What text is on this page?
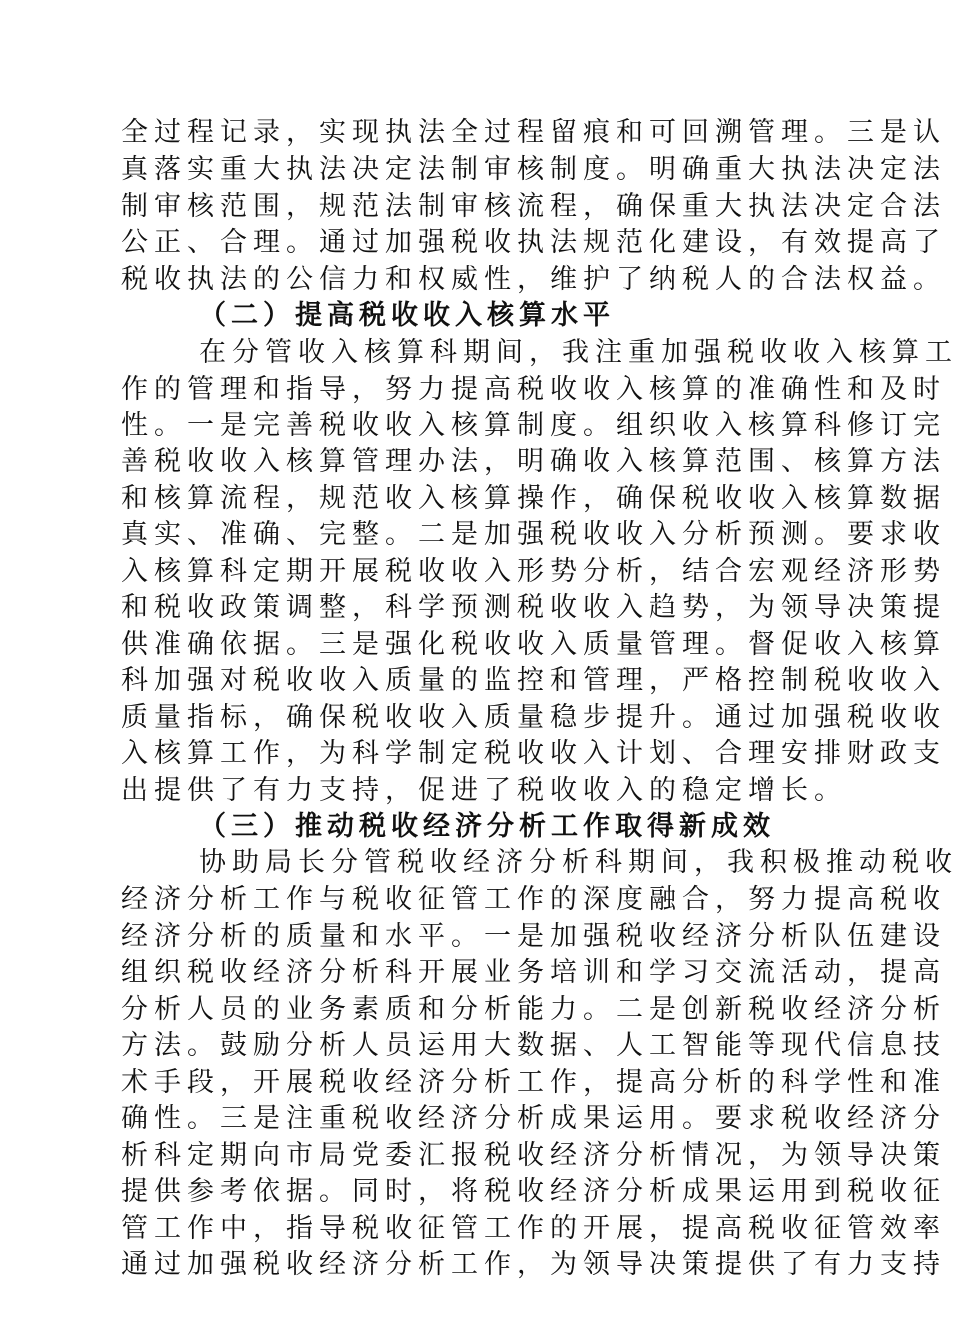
全过程记录，实现执法全过程留痕和可回溯管理。三是认
真落实重大执法决定法制审核制度。明确重大执法决定法
制审核范围，规范法制审核流程，确保重大执法决定合法
公正、合理。通过加强税收执法规范化建设，有效提高了
税收执法的公信力和权威性，维护了纳税人的合法权益。
（二）提高税收收入核算水平
在分管收入核算科期间，我注重加强税收收入核算工
作的管理和指导，努力提高税收收入核算的准确性和及时
性。一是完善税收收入核算制度。组织收入核算科修订完
善税收收入核算管理办法，明确收入核算范围、核算方法
和核算流程，规范收入核算操作，确保税收收入核算数据
真实、准确、完整。二是加强税收收入分析预测。要求收
入核算科定期开展税收收入形势分析，结合宏观经济形势
和税收政策调整，科学预测税收收入趋势，为领导决策提
供准确依据。三是强化税收收入质量管理。督促收入核算
科加强对税收收入质量的监控和管理，严格控制税收收入
质量指标，确保税收收入质量稳步提升。通过加强税收收
入核算工作，为科学制定税收收入计划、合理安排财政支
出提供了有力支持，促进了税收收入的稳定增长。
（三）推动税收经济分析工作取得新成效
协助局长分管税收经济分析科期间，我积极推动税收
经济分析工作与税收征管工作的深度融合，努力提高税收
经济分析的质量和水平。一是加强税收经济分析队伍建设
组织税收经济分析科开展业务培训和学习交流活动，提高
分析人员的业务素质和分析能力。二是创新税收经济分析
方法。鼓励分析人员运用大数据、人工智能等现代信息技
术手段，开展税收经济分析工作，提高分析的科学性和准
确性。三是注重税收经济分析成果运用。要求税收经济分
析科定期向市局党委汇报税收经济分析情况，为领导决策
提供参考依据。同时，将税收经济分析成果运用到税收征
管工作中，指导税收征管工作的开展，提高税收征管效率
通过加强税收经济分析工作，为领导决策提供了有力支持
